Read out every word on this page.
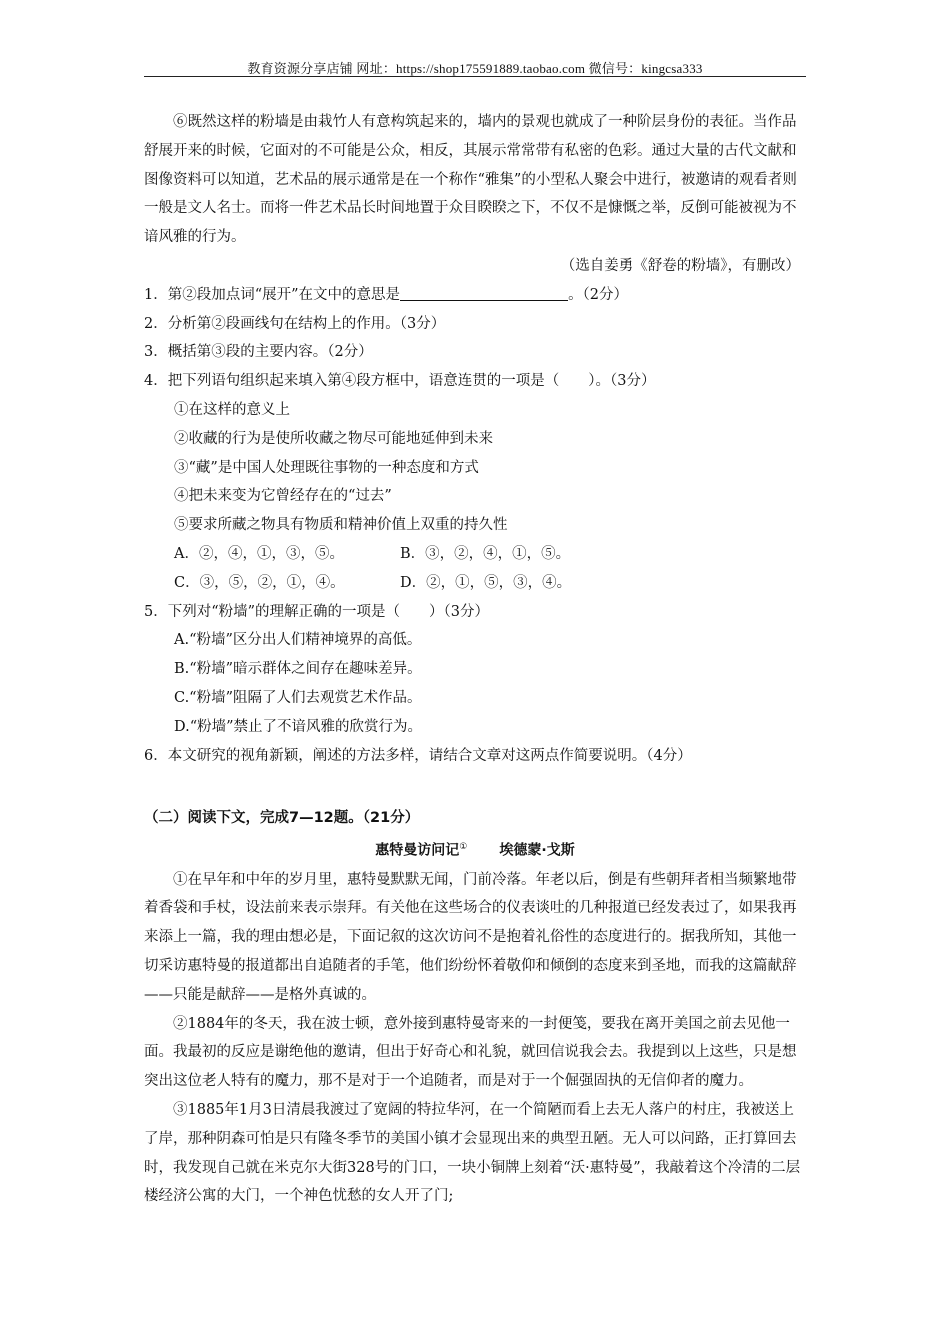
教育资源分享店铺 网址：https://shop175591889.taobao.com 微信号：kingcsa333

⑥既然这样的粉墙是由栽竹人有意构筑起来的，墙内的景观也就成了一种阶层身份的表征。当作品舒展开来的时候，它面对的不可能是公众，相反，其展示常常带有私密的色彩。通过大量的古代文献和图像资料可以知道，艺术品的展示通常是在一个称作“雅集”的小型私人聚会中进行，被邀请的观看者则一般是文人名士。而将一件艺术品长时间地置于众目睽睽之下，不仅不是慷慨之举，反倒可能被视为不谙风雅的行为。

（选自姜勇《舒卷的粉墙》，有删改）

1．第②段加点词“展开”在文中的意思是	。（2分）

2．分析第②段画线句在结构上的作用。（3分）

3．概括第③段的主要内容。（2分）

4．把下列语句组织起来填入第④段方框中，语意连贯的一项是（　　）。（3分）

①在这样的意义上

②收藏的行为是使所收藏之物尽可能地延伸到未来

③“藏”是中国人处理既往事物的一种态度和方式

④把未来变为它曾经存在的“过去”

⑤要求所藏之物具有物质和精神价值上双重的持久性

A．②，④，①，③，⑤。	B．③，②，④，①，⑤。

C．③，⑤，②，①，④。	D．②，①，⑤，③，④。

5．下列对“粉墙”的理解正确的一项是（　　）（3分）

A.“粉墙”区分出人们精神境界的高低。

B.“粉墙”暗示群体之间存在趣味差异。

C.“粉墙”阻隔了人们去观赏艺术作品。

D.“粉墙”禁止了不谙风雅的欣赏行为。

6．本文研究的视角新颖，阐述的方法多样，请结合文章对这两点作简要说明。（4分）

（二）阅读下文，完成7—12题。（21分）

惠特曼访问记① 埃德蒙·戈斯

①在早年和中年的岁月里，惠特曼默默无闻，门前冷落。年老以后，倒是有些朝拜者相当频繁地带着香袋和手杖，设法前来表示崇拜。有关他在这些场合的仪表谈吐的几种报道已经发表过了，如果我再来添上一篇，我的理由想必是，下面记叙的这次访问不是抱着礼俗性的态度进行的。据我所知，其他一切采访惠特曼的报道都出自追随者的手笔，他们纷纷怀着敬仰和倾倒的态度来到圣地，而我的这篇献辞——只能是献辞——是格外真诚的。

②1884年的冬天，我在波士顿，意外接到惠特曼寄来的一封便笺，要我在离开美国之前去见他一面。我最初的反应是谢绝他的邀请，但出于好奇心和礼貌，就回信说我会去。我提到以上这些，只是想突出这位老人特有的魔力，那不是对于一个追随者，而是对于一个倔强固执的无信仰者的魔力。

③1885年1月3日清晨我渡过了宽阔的特拉华河，在一个简陋而看上去无人落户的村庄，我被送上了岸，那种阴森可怕是只有隆冬季节的美国小镇才会显现出来的典型丑陋。无人可以问路，正打算回去时，我发现自己就在米克尔大街328号的门口，一块小铜牌上刻着“沃·惠特曼”，我敲着这个冷清的二层楼经济公寓的大门，一个神色忧愁的女人开了门;
